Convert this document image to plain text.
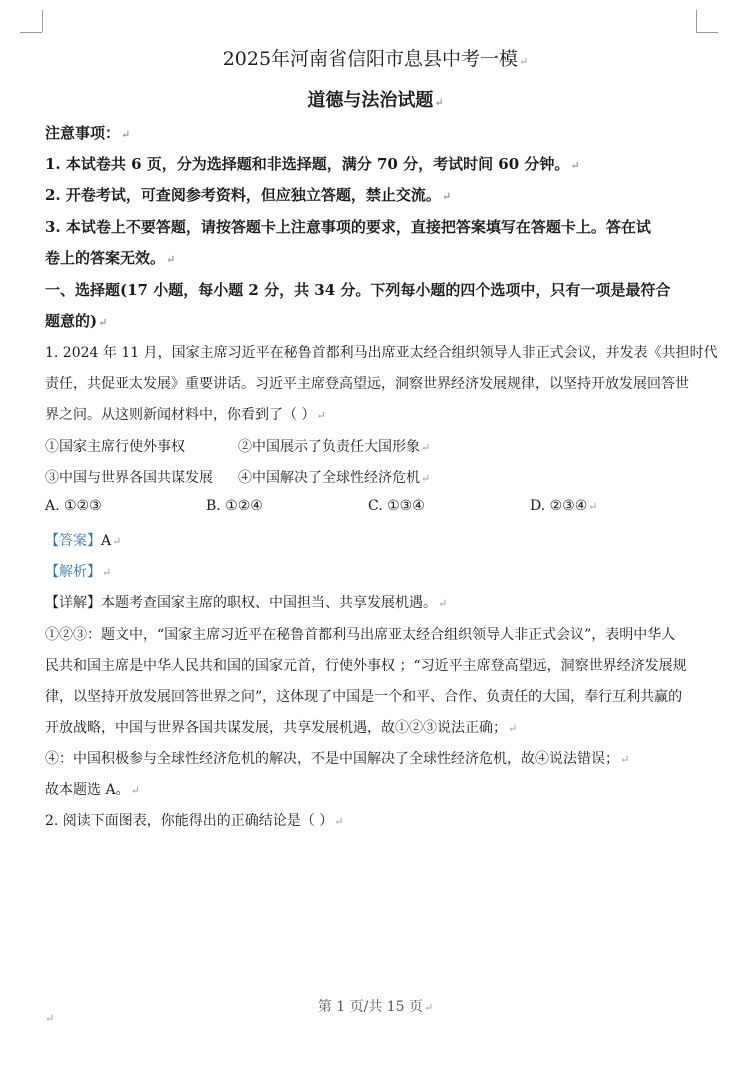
2025年河南省信阳市息县中考一模↵
道德与法治试题↵
注意事项：↵
1. 本试卷共 6 页，分为选择题和非选择题，满分 70 分，考试时间 60 分钟。↵
2. 开卷考试，可查阅参考资料，但应独立答题，禁止交流。↵
3. 本试卷上不要答题，请按答题卡上注意事项的要求，直接把答案填写在答题卡上。答在试
卷上的答案无效。↵
一、选择题(17 小题，每小题 2 分，共 34 分。下列每小题的四个选项中，只有一项是最符合
题意的)↵
1. 2024 年 11 月，国家主席习近平在秘鲁首都利马出席亚太经合组织领导人非正式会议，并发表《共担时代
责任，共促亚太发展》重要讲话。习近平主席登高望远，洞察世界经济发展规律，以坚持开放发展回答世
界之问。从这则新闻材料中，你看到了（ ）↵
①国家主席行使外事权	②中国展示了负责任大国形象↵
③中国与世界各国共谋发展 ④中国解决了全球性经济危机↵
A. ①②③	B. ①②④	C. ①③④	D. ②③④↵
【答案】A↵
【解析】↵
【详解】本题考查国家主席的职权、中国担当、共享发展机遇。↵
①②③：题文中，“国家主席习近平在秘鲁首都利马出席亚太经合组织领导人非正式会议”，表明中华人
民共和国主席是中华人民共和国的国家元首，行使外事权 ；“习近平主席登高望远，洞察世界经济发展规
律，以坚持开放发展回答世界之问”，这体现了中国是一个和平、合作、负责任的大国，奉行互利共赢的
开放战略，中国与世界各国共谋发展，共享发展机遇，故①②③说法正确；↵
④：中国积极参与全球性经济危机的解决，不是中国解决了全球性经济危机，故④说法错误；↵
故本题选 A。↵
2. 阅读下面图表，你能得出的正确结论是（ ）↵
第 1 页/共 15 页↵
↵
